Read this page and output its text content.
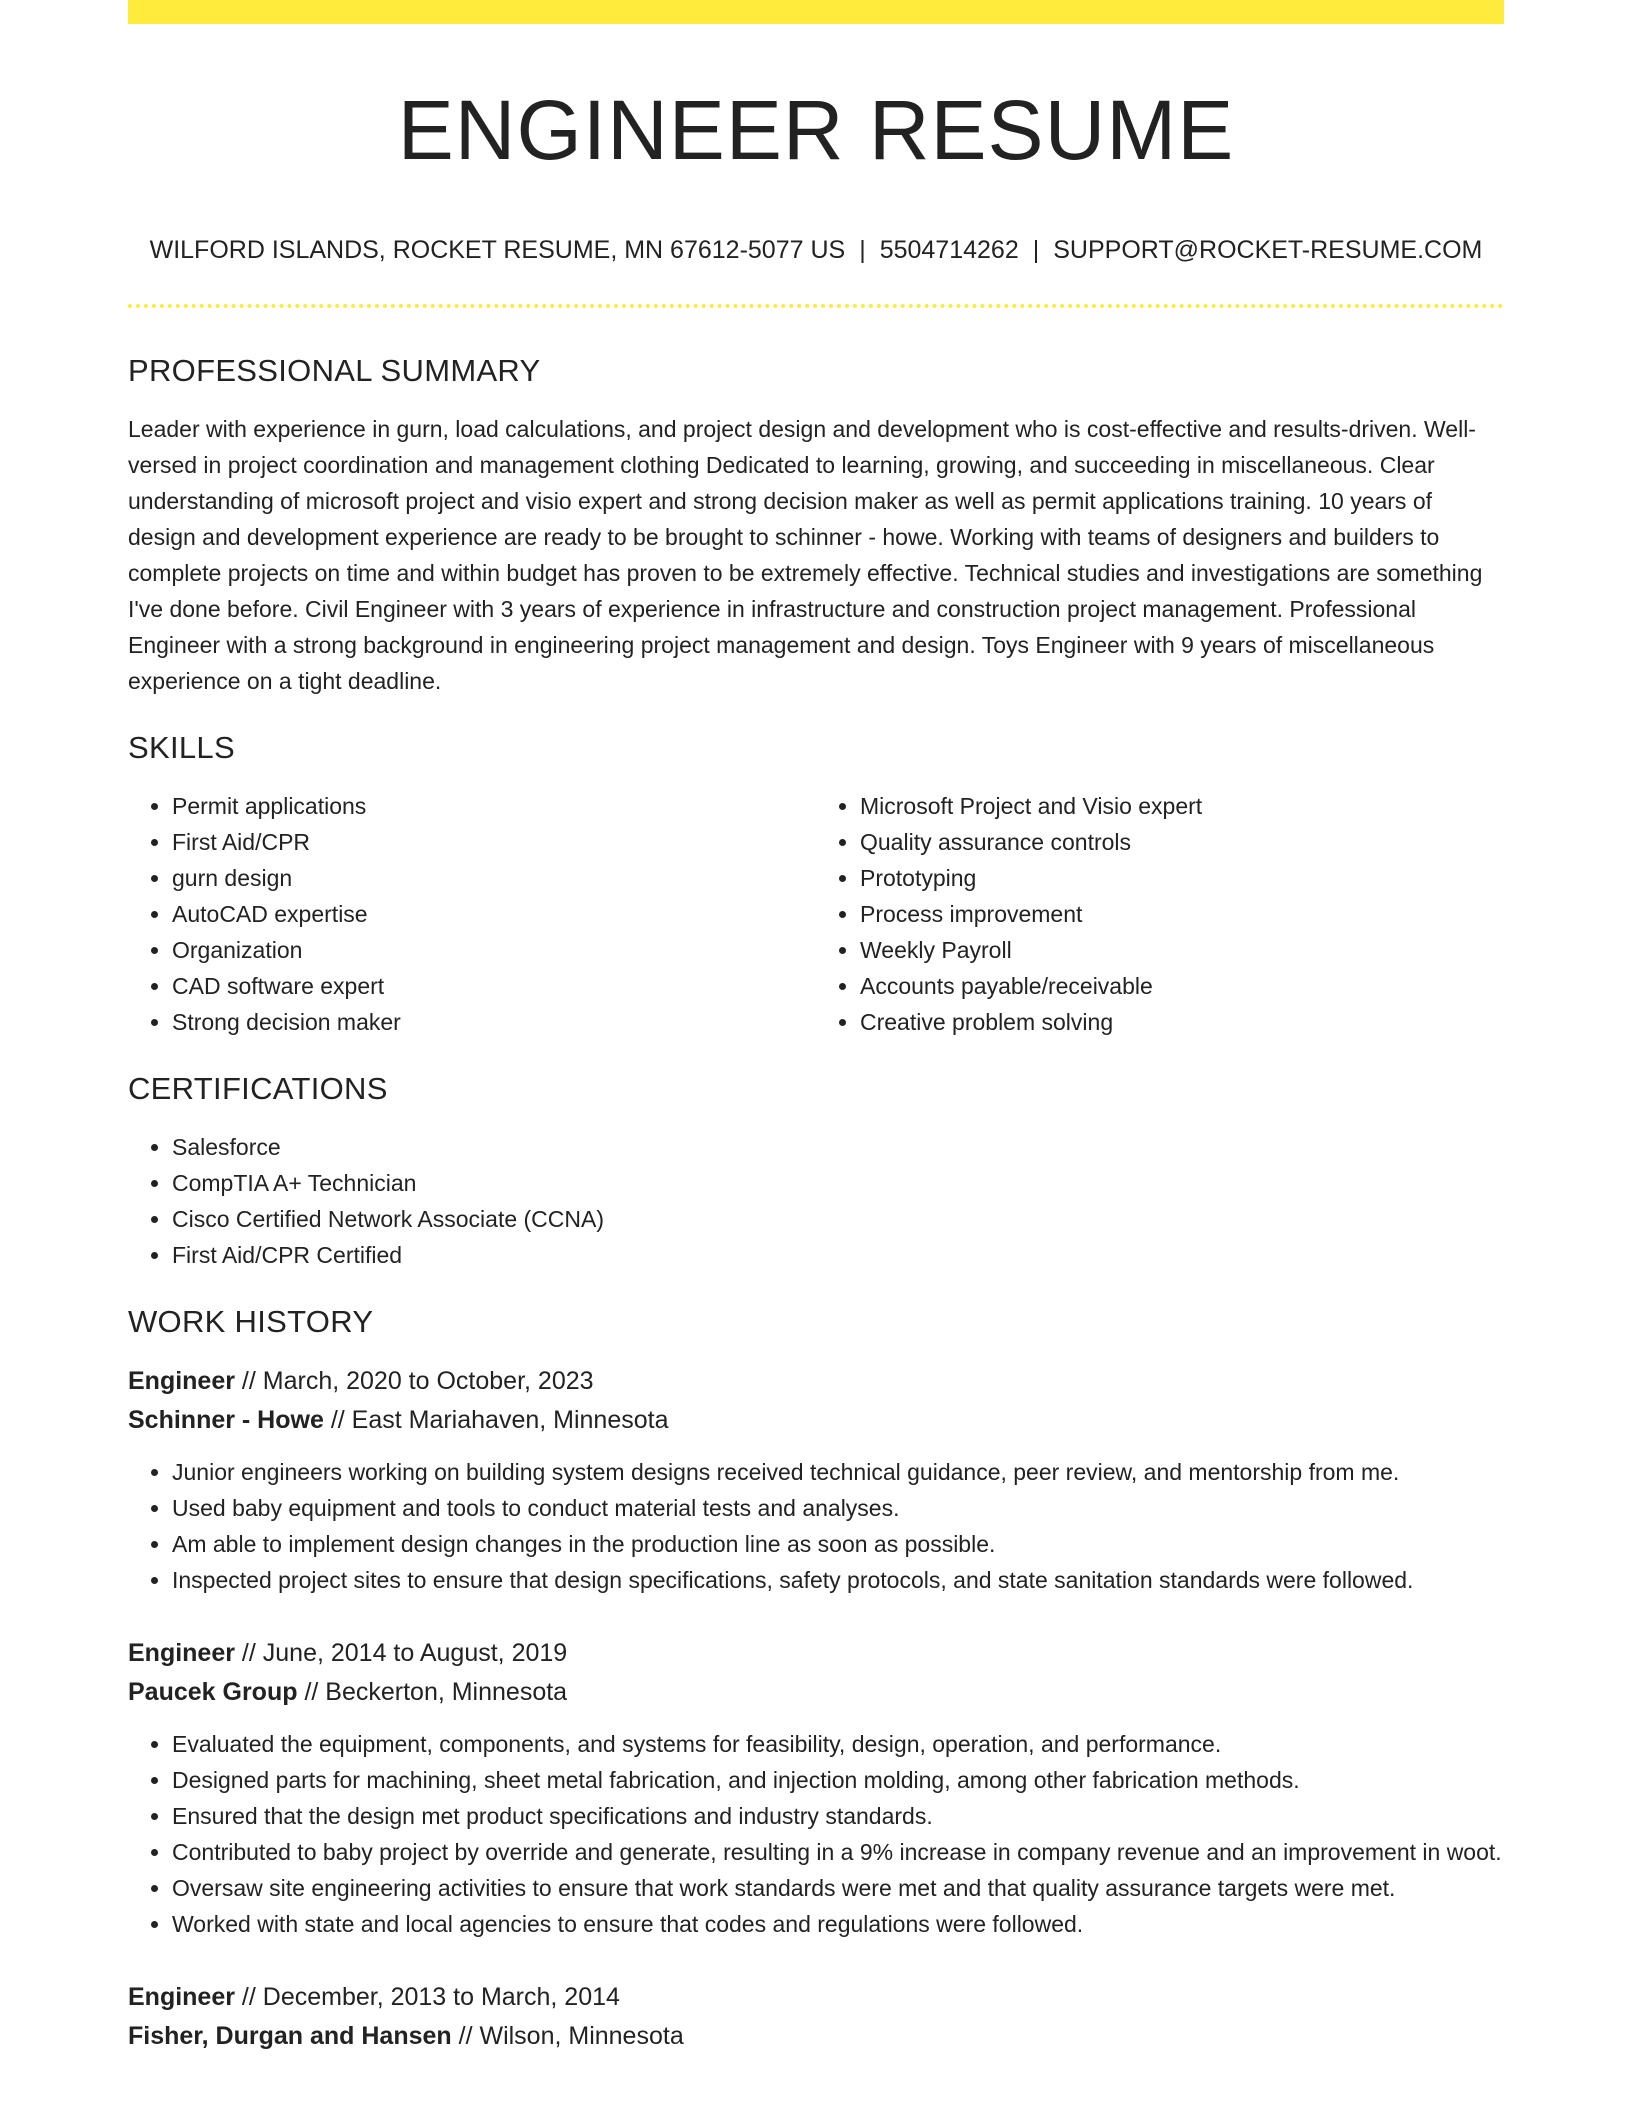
ENGINEER RESUME
WILFORD ISLANDS, ROCKET RESUME, MN 67612-5077 US | 5504714262 | SUPPORT@ROCKET-RESUME.COM
PROFESSIONAL SUMMARY

Leader with experience in gurn, load calculations, and project design and development who is cost-effective and results-driven. Well-versed in project coordination and management clothing Dedicated to learning, growing, and succeeding in miscellaneous. Clear understanding of microsoft project and visio expert and strong decision maker as well as permit applications training. 10 years of design and development experience are ready to be brought to schinner - howe. Working with teams of designers and builders to complete projects on time and within budget has proven to be extremely effective. Technical studies and investigations are something I've done before. Civil Engineer with 3 years of experience in infrastructure and construction project management. Professional Engineer with a strong background in engineering project management and design. Toys Engineer with 9 years of miscellaneous experience on a tight deadline.

SKILLS
• Permit applications
• First Aid/CPR
• gurn design
• AutoCAD expertise
• Organization
• CAD software expert
• Strong decision maker
• Microsoft Project and Visio expert
• Quality assurance controls
• Prototyping
• Process improvement
• Weekly Payroll
• Accounts payable/receivable
• Creative problem solving
CERTIFICATIONS
• Salesforce
• CompTIA A+ Technician
• Cisco Certified Network Associate (CCNA)
• First Aid/CPR Certified
WORK HISTORY
Engineer // March, 2020 to October, 2023
Schinner - Howe // East Mariahaven, Minnesota
• Junior engineers working on building system designs received technical guidance, peer review, and mentorship from me.
• Used baby equipment and tools to conduct material tests and analyses.
• Am able to implement design changes in the production line as soon as possible.
• Inspected project sites to ensure that design specifications, safety protocols, and state sanitation standards were followed.
Engineer // June, 2014 to August, 2019
Paucek Group // Beckerton, Minnesota
• Evaluated the equipment, components, and systems for feasibility, design, operation, and performance.
• Designed parts for machining, sheet metal fabrication, and injection molding, among other fabrication methods.
• Ensured that the design met product specifications and industry standards.
• Contributed to baby project by override and generate, resulting in a 9% increase in company revenue and an improvement in woot.
• Oversaw site engineering activities to ensure that work standards were met and that quality assurance targets were met.
• Worked with state and local agencies to ensure that codes and regulations were followed.
Engineer // December, 2013 to March, 2014
Fisher, Durgan and Hansen // Wilson, Minnesota
